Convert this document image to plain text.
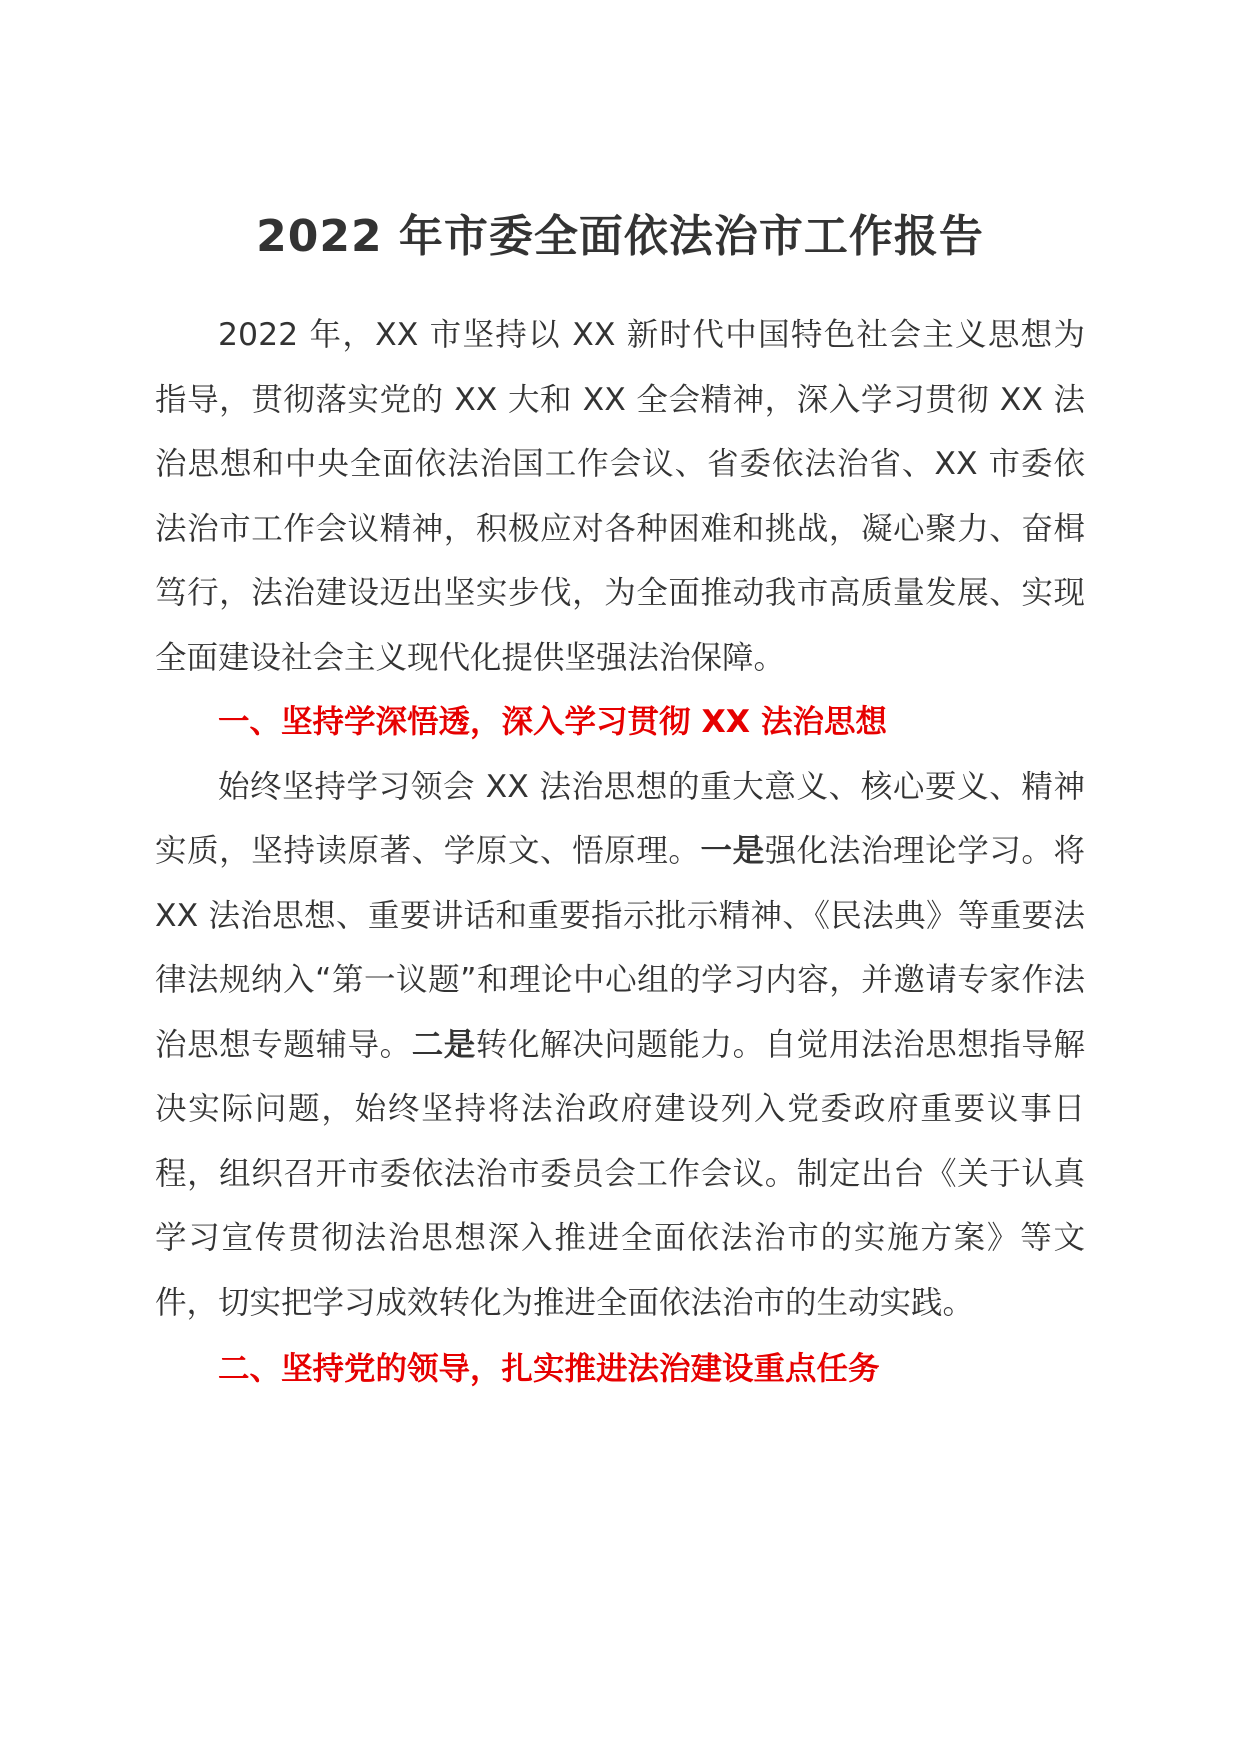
2022 年市委全面依法治市工作报告

2022 年，XX 市坚持以 XX 新时代中国特色社会主义思想为指导，贯彻落实党的 XX 大和 XX 全会精神，深入学习贯彻 XX 法治思想和中央全面依法治国工作会议、省委依法治省、XX 市委依法治市工作会议精神，积极应对各种困难和挑战，凝心聚力、奋楫笃行，法治建设迈出坚实步伐，为全面推动我市高质量发展、实现全面建设社会主义现代化提供坚强法治保障。

一、坚持学深悟透，深入学习贯彻 XX 法治思想

始终坚持学习领会 XX 法治思想的重大意义、核心要义、精神实质，坚持读原著、学原文、悟原理。一是强化法治理论学习。将 XX 法治思想、重要讲话和重要指示批示精神、《民法典》等重要法律法规纳入“第一议题”和理论中心组的学习内容，并邀请专家作法治思想专题辅导。二是转化解决问题能力。自觉用法治思想指导解决实际问题，始终坚持将法治政府建设列入党委政府重要议事日程，组织召开市委依法治市委员会工作会议。制定出台《关于认真学习宣传贯彻法治思想深入推进全面依法治市的实施方案》等文件，切实把学习成效转化为推进全面依法治市的生动实践。

二、坚持党的领导，扎实推进法治建设重点任务
